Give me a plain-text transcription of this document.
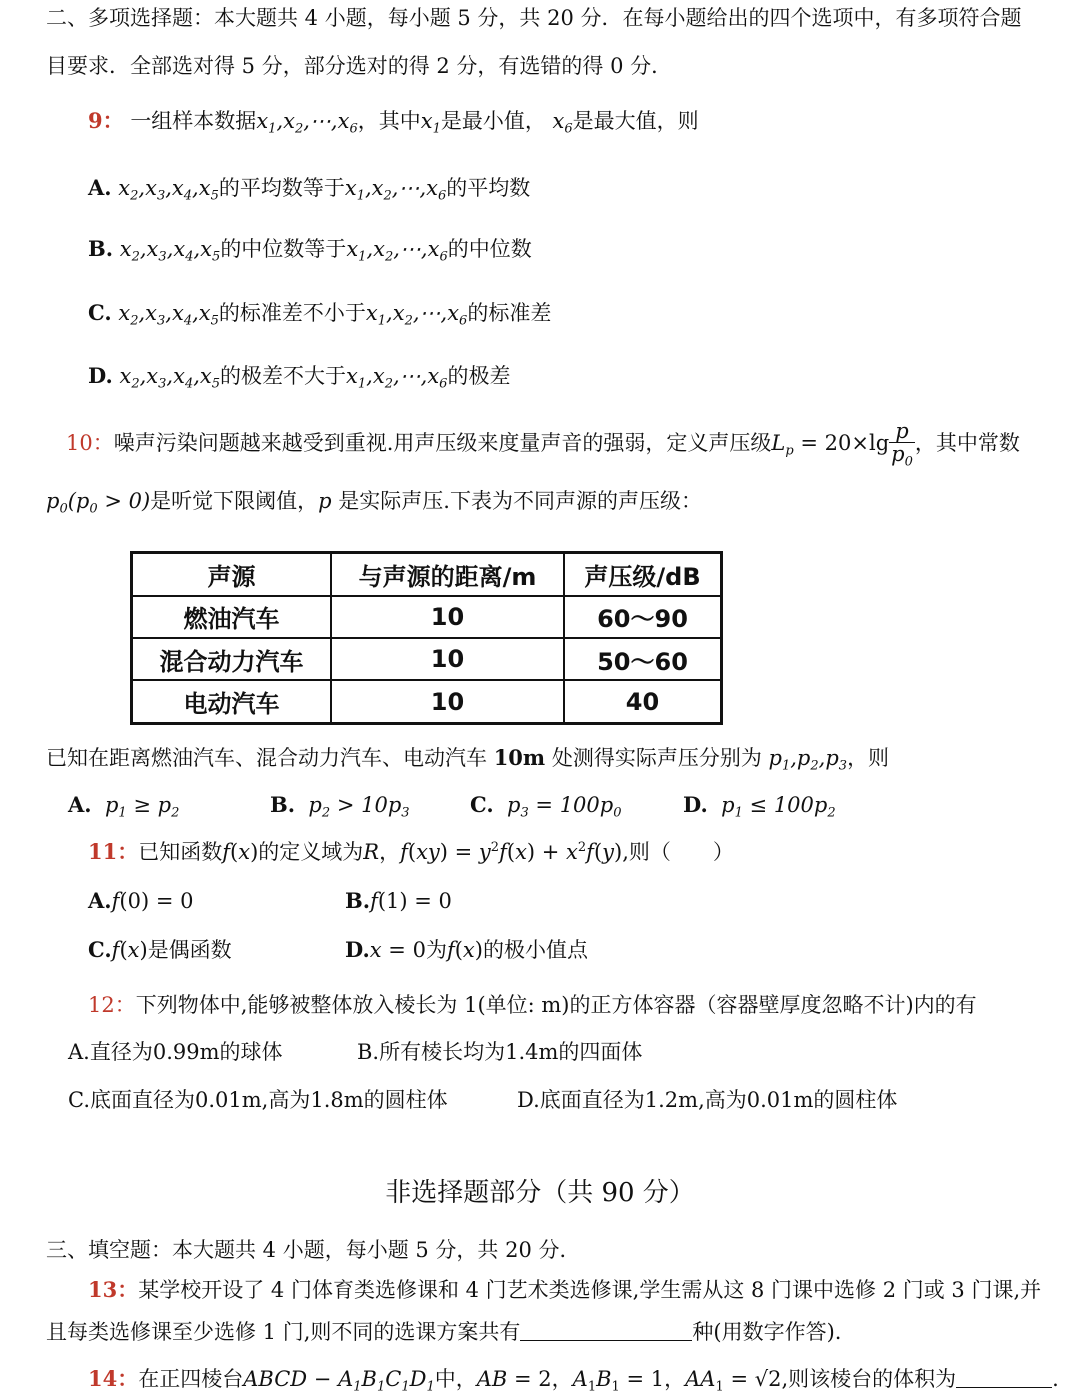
二、多项选择题：本大题共 4 小题，每小题 5 分，共 20 分．在每小题给出的四个选项中，有多项符合题
目要求．全部选对得 5 分，部分选对的得 2 分，有选错的得 0 分．
9： 一组样本数据$x_1,x_2,\cdots,x_6$，其中$x_1$是最小值， $x_6$是最大值，则
A. $x_2,x_3,x_4,x_5$的平均数等于$x_1,x_2,\cdots,x_6$的平均数
B. $x_2,x_3,x_4,x_5$的中位数等于$x_1,x_2,\cdots,x_6$的中位数
C. $x_2,x_3,x_4,x_5$的标准差不小于$x_1,x_2,\cdots,x_6$的标准差
D. $x_2,x_3,x_4,x_5$的极差不大于$x_1,x_2,\cdots,x_6$的极差
10：噪声污染问题越来越受到重视.用声压级来度量声音的强弱，定义声压级$L_p = 20\times\lg \frac{p}{p_0}$ ，其中常数
$p_0(p_0 > 0)$是听觉下限阈值，p 是实际声压.下表为不同声源的声压级：
声源	与声源的距离/m	声压级/dB
燃油汽车	10	60～90
混合动力汽车	10	50～60
电动汽车	10	40
已知在距离燃油汽车、混合动力汽车、电动汽车 10m 处测得实际声压分别为 $p_1,p_2,p_3$，则
A. $p_1 \ge p_2$	B. $p_2 > 10p_3$	C. $p_3 = 100p_0$	D. $p_1 \le 100p_2$
11：已知函数f(x)的定义域为R，$f(xy) = y^2f(x) + x^2f(y)$,则（　　）
A.f(0) = 0	B.f(1) = 0
C.f(x)是偶函数	D.x = 0为f(x)的极小值点
12：下列物体中,能够被整体放入棱长为 1(单位: m)的正方体容器（容器壁厚度忽略不计)内的有
A.直径为0.99m的球体	B.所有棱长均为1.4m的四面体
C.底面直径为0.01m,高为1.8m的圆柱体	D.底面直径为1.2m,高为0.01m的圆柱体
非选择题部分（共 90 分）
三、填空题：本大题共 4 小题，每小题 5 分，共 20 分．
13：某学校开设了 4 门体育类选修课和 4 门艺术类选修课,学生需从这 8 门课中选修 2 门或 3 门课,并
且每类选修课至少选修 1 门,则不同的选课方案共有	种(用数字作答).
14：在正四棱台ABCD − $A_1B_1C_1D_1$中，AB = 2，$A_1B_1 = 1$，$AA_1 = √2$,则该棱台的体积为	.
